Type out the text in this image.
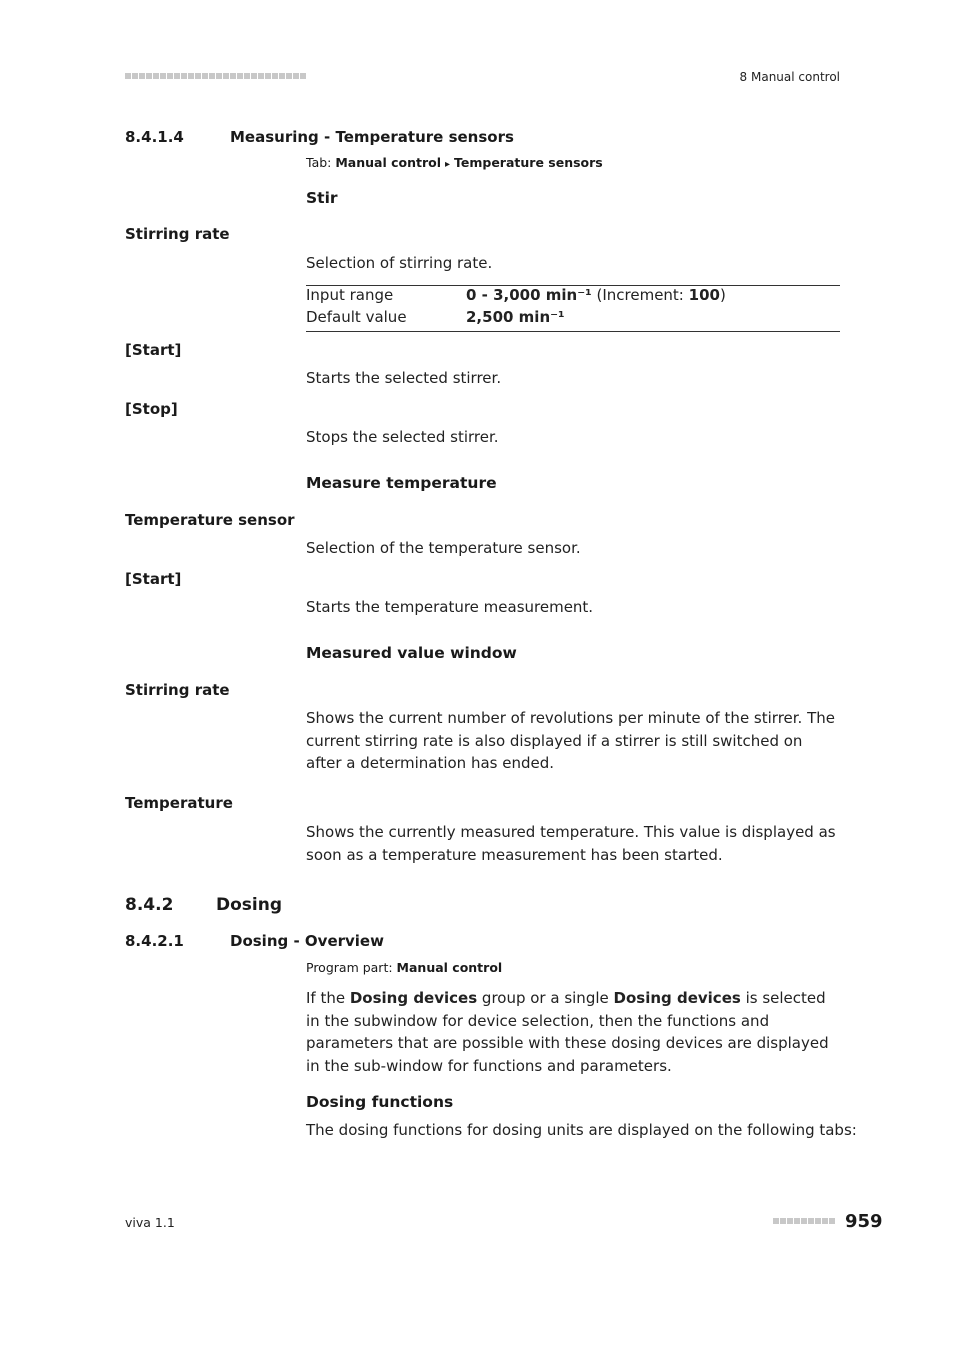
8 Manual control
8.4.1.4	Measuring - Temperature sensors
Tab: Manual control ▸ Temperature sensors
Stir
Stirring rate
Selection of stirring rate.
Input range	0 - 3,000 min⁻¹ (Increment: 100)
Default value	2,500 min⁻¹
[Start]
Starts the selected stirrer.
[Stop]
Stops the selected stirrer.
Measure temperature
Temperature sensor
Selection of the temperature sensor.
[Start]
Starts the temperature measurement.
Measured value window
Stirring rate
Shows the current number of revolutions per minute of the stirrer. The current stirring rate is also displayed if a stirrer is still switched on after a determination has ended.
Temperature
Shows the currently measured temperature. This value is displayed as soon as a temperature measurement has been started.
8.4.2	Dosing
8.4.2.1	Dosing - Overview
Program part: Manual control
If the Dosing devices group or a single Dosing devices is selected in the subwindow for device selection, then the functions and parameters that are possible with these dosing devices are displayed in the sub-window for functions and parameters.
Dosing functions
The dosing functions for dosing units are displayed on the following tabs:
viva 1.1	959
